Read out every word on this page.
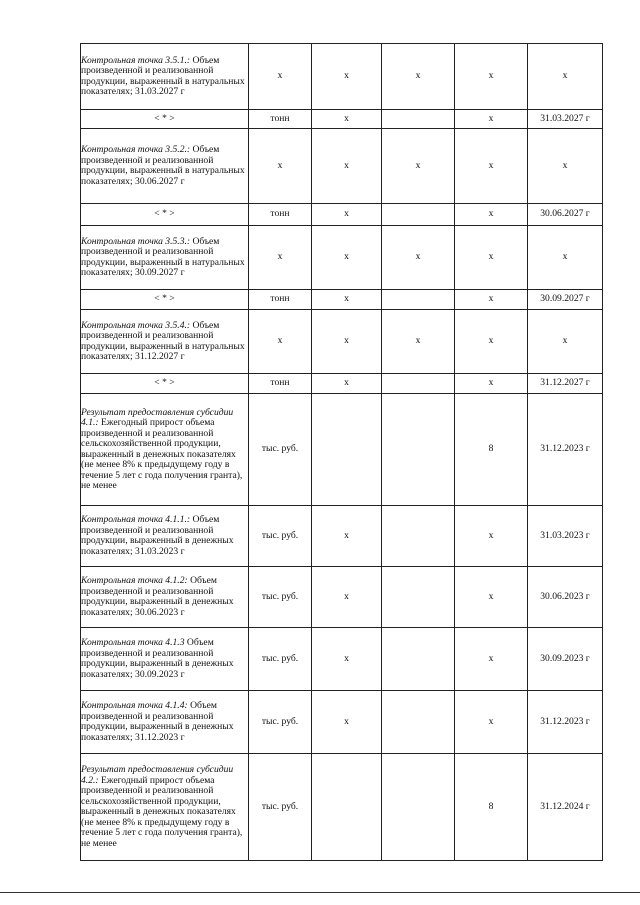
Контрольная точка 3.5.1.: Объем произведенной и реализованной продукции, выраженный в натуральных показателях; 31.03.2027 г	х	х	х	х	х
< * >	тонн	х		х	31.03.2027 г
Контрольная точка 3.5.2.: Объем произведенной и реализованной продукции, выраженный в натуральных показателях; 30.06.2027 г	х	х	х	х	х
< * >	тонн	х		х	30.06.2027 г
Контрольная точка 3.5.3.: Объем произведенной и реализованной продукции, выраженный в натуральных показателях; 30.09.2027 г	х	х	х	х	х
< * >	тонн	х		х	30.09.2027 г
Контрольная точка 3.5.4.: Объем произведенной и реализованной продукции, выраженный в натуральных показателях; 31.12.2027 г	х	х	х	х	х
< * >	тонн	х		х	31.12.2027 г
Результат предоставления субсидии 4.1.: Ежегодный прирост объема произведенной и реализованной сельскохозяйственной продукции, выраженный в денежных показателях (не менее 8% к предыдущему году в течение 5 лет с года получения гранта), не менее	тыс. руб.			8	31.12.2023 г
Контрольная точка 4.1.1.: Объем произведенной и реализованной продукции, выраженный в денежных показателях; 31.03.2023 г	тыс. руб.	х		х	31.03.2023 г
Контрольная точка 4.1.2: Объем произведенной и реализованной продукции, выраженный в денежных показателях; 30.06.2023 г	тыс. руб.	х		х	30.06.2023 г
Контрольная точка 4.1.3 Объем произведенной и реализованной продукции, выраженный в денежных показателях; 30.09.2023 г	тыс. руб.	х		х	30.09.2023 г
Контрольная точка 4.1.4: Объем произведенной и реализованной продукции, выраженный в денежных показателях; 31.12.2023 г	тыс. руб.	х		х	31.12.2023 г
Результат предоставления субсидии 4.2.: Ежегодный прирост объема произведенной и реализованной сельскохозяйственной продукции, выраженный в денежных показателях (не менее 8% к предыдущему году в течение 5 лет с года получения гранта), не менее	тыс. руб.			8	31.12.2024 г
